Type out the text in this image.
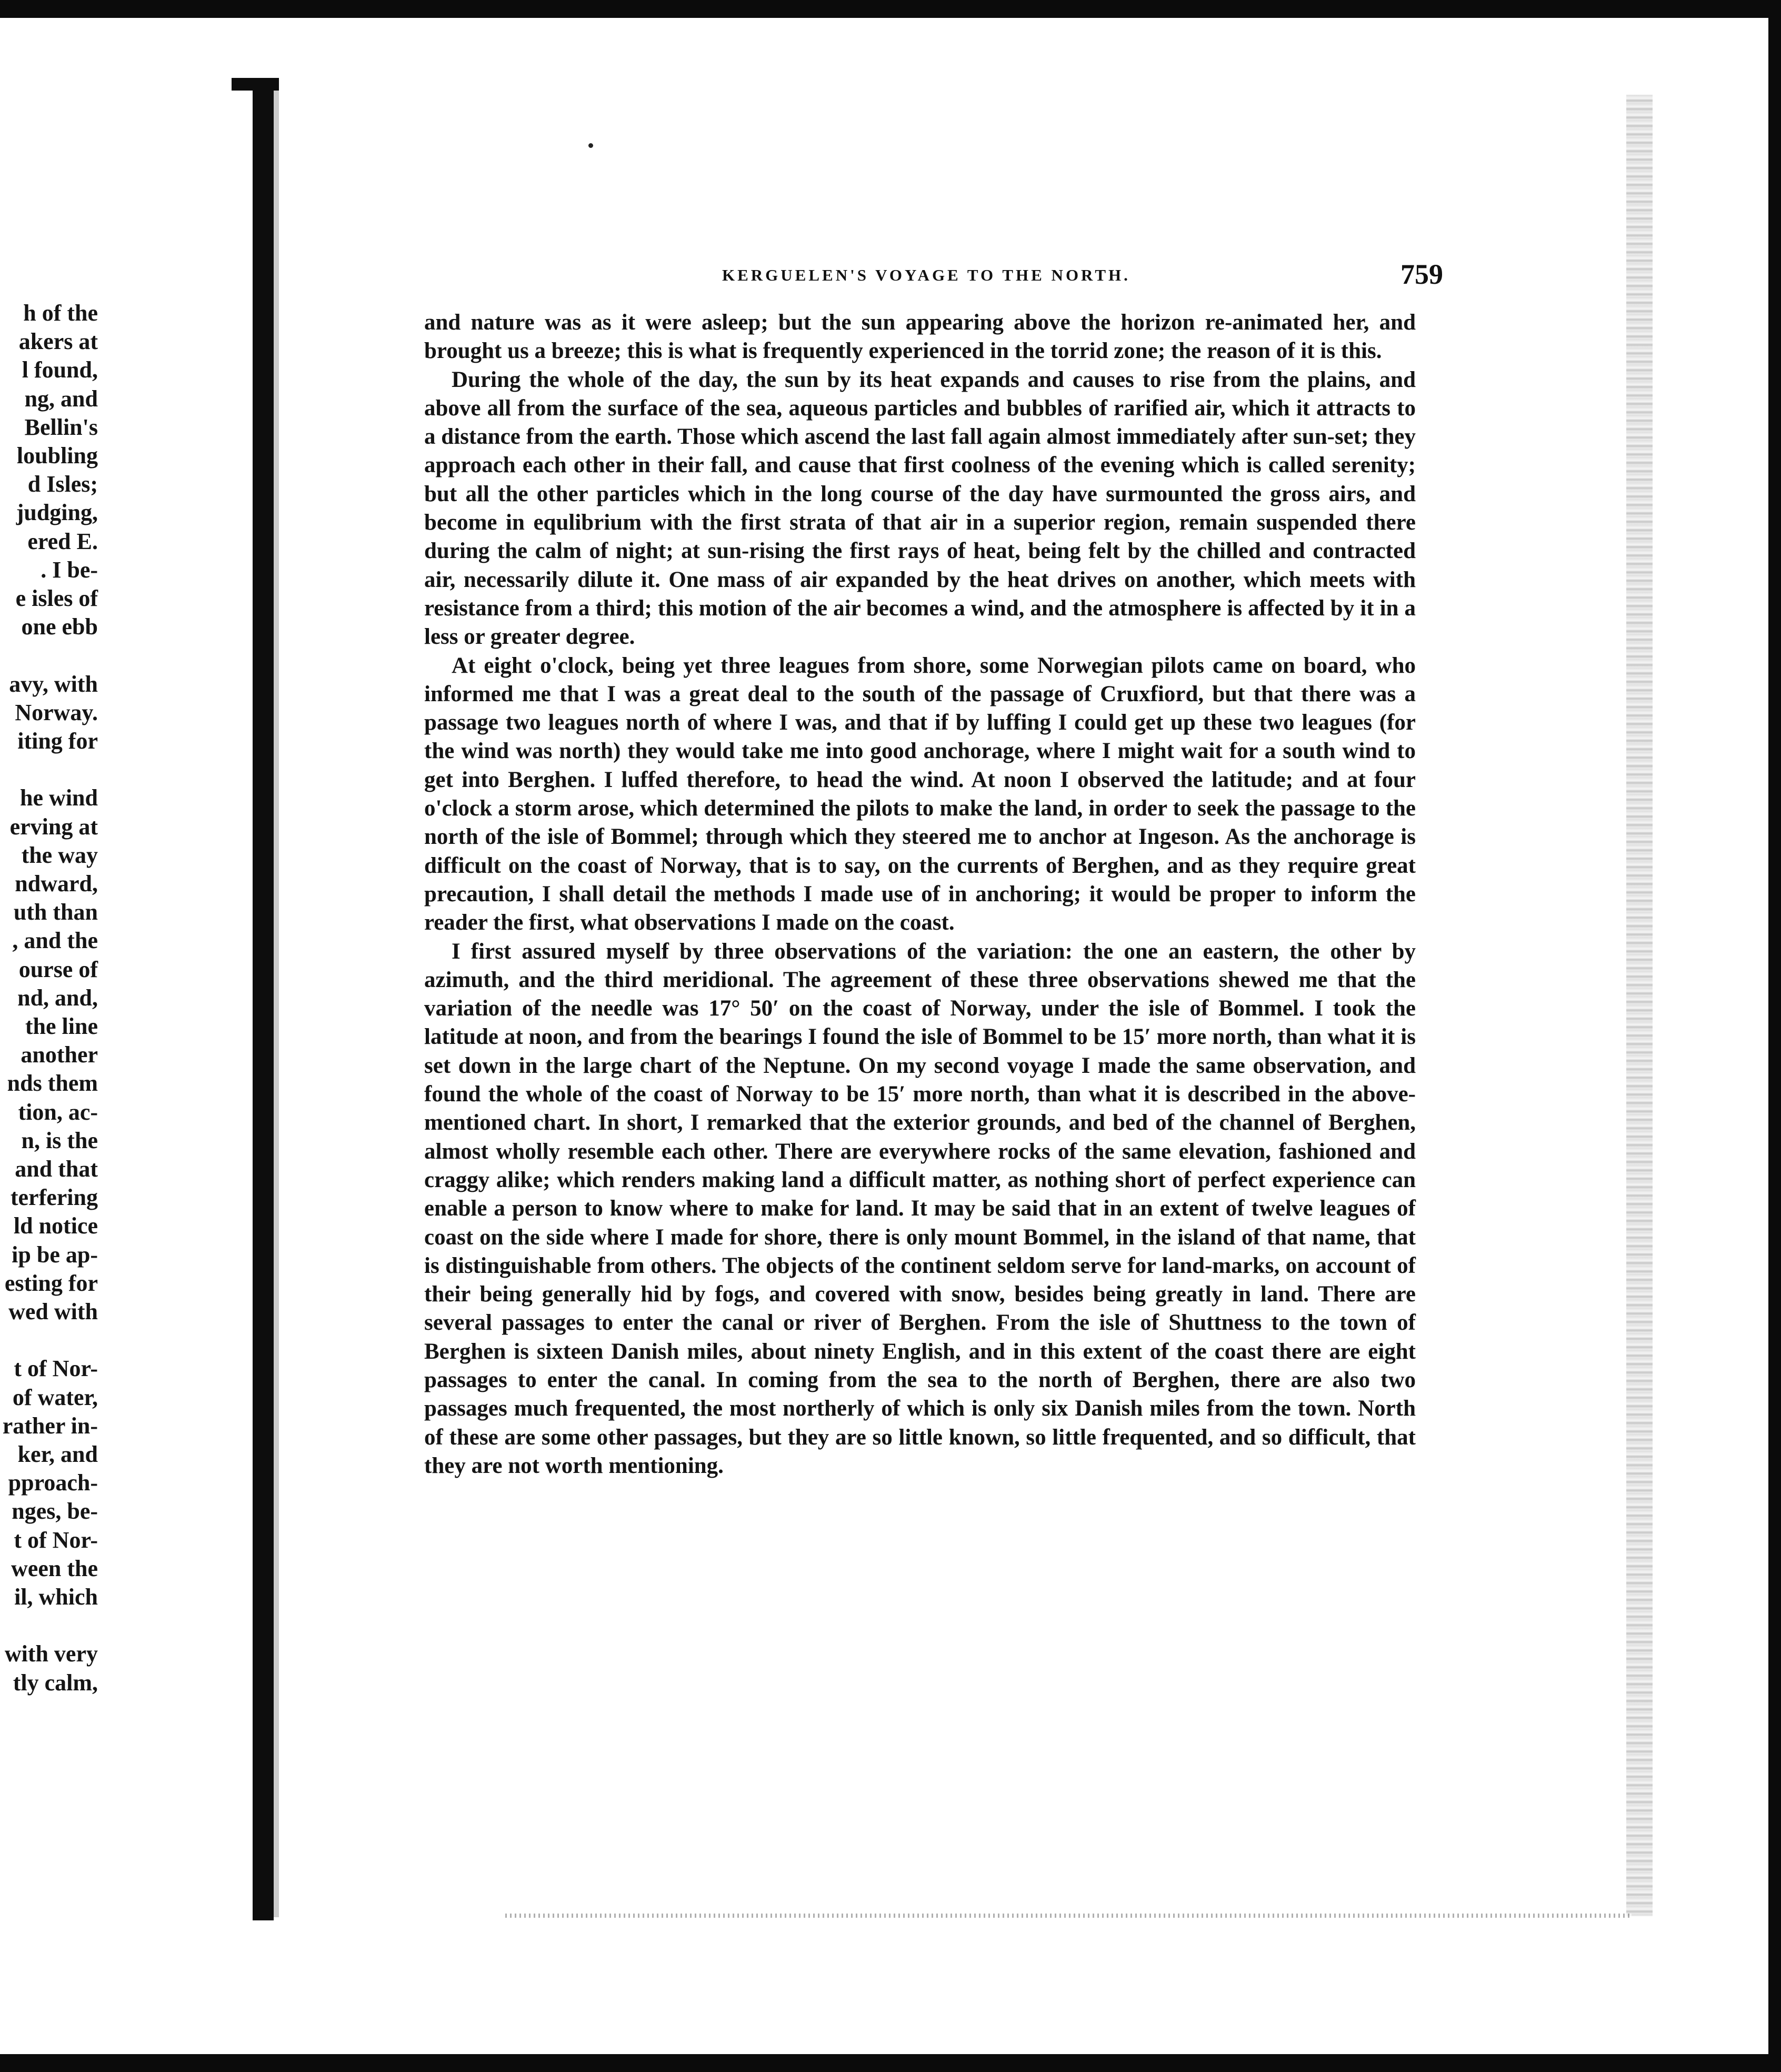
h of the
akers at
l found,
ng, and
Bellin's
loubling
d Isles;
judging,
ered E.
. I be-
e isles of
one ebb
avy, with
Norway.
iting for
he wind
erving at
the way
ndward,
uth than
, and the
ourse of
nd, and,
the line
another
nds them
tion, ac-
n, is the
and that
terfering
ld notice
ip be ap-
esting for
wed with
t of Nor-
of water,
rather in-
ker, and
pproach-
nges, be-
t of Nor-
ween the
il, which
with very
tly calm,
KERGUELEN'S VOYAGE TO THE NORTH.	759

and nature was as it were asleep; but the sun appearing above the horizon re-animated her, and brought us a breeze; this is what is frequently experienced in the torrid zone; the reason of it is this.

During the whole of the day, the sun by its heat expands and causes to rise from the plains, and above all from the surface of the sea, aqueous particles and bubbles of rarified air, which it attracts to a distance from the earth. Those which ascend the last fall again almost immediately after sun-set; they approach each other in their fall, and cause that first coolness of the evening which is called serenity; but all the other particles which in the long course of the day have surmounted the gross airs, and become in equlibrium with the first strata of that air in a superior region, remain suspended there during the calm of night; at sun-rising the first rays of heat, being felt by the chilled and contracted air, necessarily dilute it. One mass of air expanded by the heat drives on another, which meets with resistance from a third; this motion of the air becomes a wind, and the atmosphere is affected by it in a less or greater degree.

At eight o'clock, being yet three leagues from shore, some Norwegian pilots came on board, who informed me that I was a great deal to the south of the passage of Cruxfiord, but that there was a passage two leagues north of where I was, and that if by luffing I could get up these two leagues (for the wind was north) they would take me into good anchorage, where I might wait for a south wind to get into Berghen. I luffed therefore, to head the wind. At noon I observed the latitude; and at four o'clock a storm arose, which determined the pilots to make the land, in order to seek the passage to the north of the isle of Bommel; through which they steered me to anchor at Ingeson. As the anchorage is difficult on the coast of Norway, that is to say, on the currents of Berghen, and as they require great precaution, I shall detail the methods I made use of in anchoring; it would be proper to inform the reader the first, what observations I made on the coast.

I first assured myself by three observations of the variation: the one an eastern, the other by azimuth, and the third meridional. The agreement of these three observations shewed me that the variation of the needle was 17° 50′ on the coast of Norway, under the isle of Bommel. I took the latitude at noon, and from the bearings I found the isle of Bommel to be 15′ more north, than what it is set down in the large chart of the Neptune. On my second voyage I made the same observation, and found the whole of the coast of Norway to be 15′ more north, than what it is described in the above-mentioned chart. In short, I remarked that the exterior grounds, and bed of the channel of Berghen, almost wholly resemble each other. There are everywhere rocks of the same elevation, fashioned and craggy alike; which renders making land a difficult matter, as nothing short of perfect experience can enable a person to know where to make for land. It may be said that in an extent of twelve leagues of coast on the side where I made for shore, there is only mount Bommel, in the island of that name, that is distinguishable from others. The objects of the continent seldom serve for land-marks, on account of their being generally hid by fogs, and covered with snow, besides being greatly in land. There are several passages to enter the canal or river of Berghen. From the isle of Shuttness to the town of Berghen is sixteen Danish miles, about ninety English, and in this extent of the coast there are eight passages to enter the canal. In coming from the sea to the north of Berghen, there are also two passages much frequented, the most northerly of which is only six Danish miles from the town. North of these are some other passages, but they are so little known, so little frequented, and so difficult, that they are not worth mentioning.
